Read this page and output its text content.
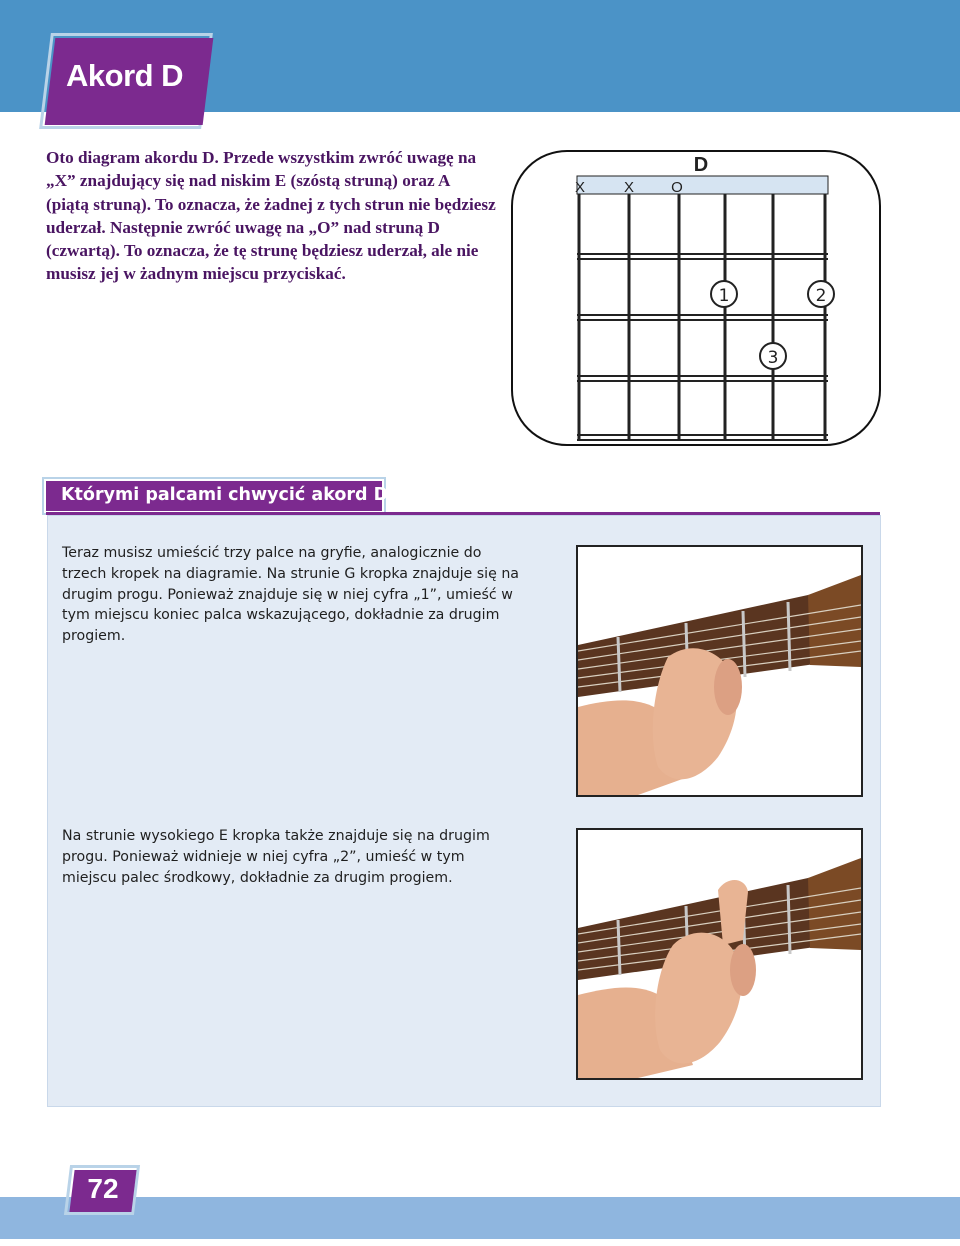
Akord D
Oto diagram akordu D. Przede wszystkim zwróć uwagę na „X” znajdujący się nad niskim E (szóstą struną) oraz A (piątą struną). To oznacza, że żadnej z tych strun nie będziesz uderzał. Następnie zwróć uwagę na „O” nad struną D (czwartą). To oznacza, że tę strunę będziesz uderzał, ale nie musisz jej w żadnym miejscu przyciskać.
D
X	X O
1	2
3
Którymi palcami chwycić akord D
Teraz musisz umieścić trzy palce na gryfie, analogicznie do trzech kropek na diagramie. Na strunie G kropka znajduje się na drugim progu. Ponieważ znajduje się w niej cyfra „1”, umieść w tym miejscu koniec palca wskazującego, dokładnie za drugim progiem.
Na strunie wysokiego E kropka także znajduje się na drugim progu. Ponieważ widnieje w niej cyfra „2”, umieść w tym miejscu palec środkowy, dokładnie za drugim progiem.
72
